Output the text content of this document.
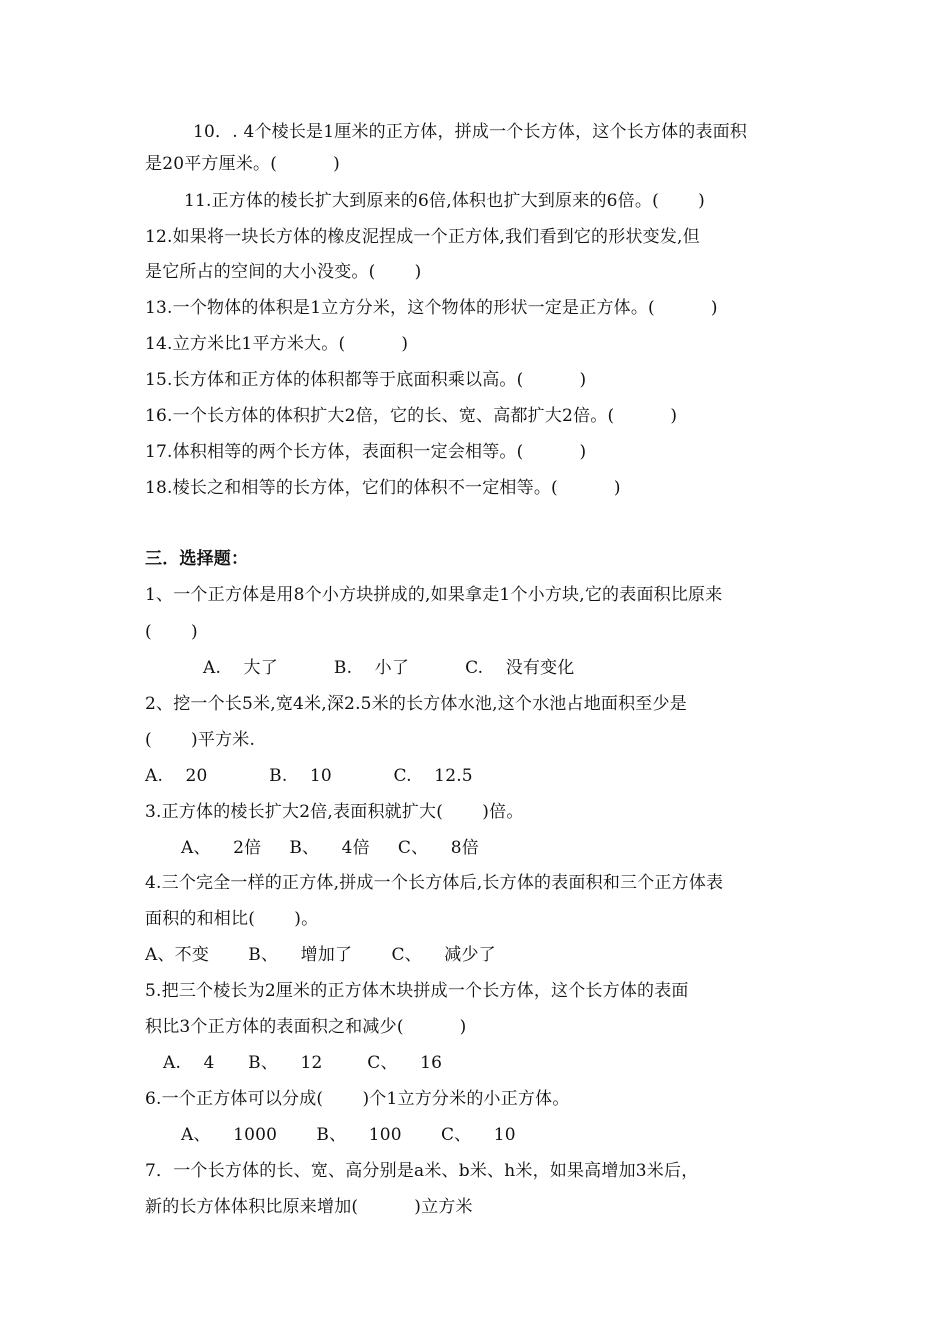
10．. 4个棱长是1厘米的正方体，拼成一个长方体，这个长方体的表面积
是20平方厘米。(          )
11.正方体的棱长扩大到原来的6倍,体积也扩大到原来的6倍。(       )
12.如果将一块长方体的橡皮泥捏成一个正方体,我们看到它的形状变发,但
是它所占的空间的大小没变。(       )
13.一个物体的体积是1立方分米，这个物体的形状一定是正方体。(          )
14.立方米比1平方米大。(          )
15.长方体和正方体的体积都等于底面积乘以高。(          )
16.一个长方体的体积扩大2倍，它的长、宽、高都扩大2倍。(          )
17.体积相等的两个长方体，表面积一定会相等。(          )
18.棱长之和相等的长方体，它们的体积不一定相等。(          )
三．选择题：
1、一个正方体是用8个小方块拼成的,如果拿走1个小方块,它的表面积比原来
(       )
A.    大了          B.    小了          C.    没有变化
2、挖一个长5米,宽4米,深2.5米的长方体水池,这个水池占地面积至少是
(       )平方米.
A.    20           B.    10           C.    12.5
3.正方体的棱长扩大2倍,表面积就扩大(       )倍。
A、    2倍     B、    4倍     C、    8倍
4.三个完全一样的正方体,拼成一个长方体后,长方体的表面积和三个正方体表
面积的和相比(       )。
A、不变       B、    增加了       C、    减少了
5.把三个棱长为2厘米的正方体木块拼成一个长方体，这个长方体的表面
积比3个正方体的表面积之和减少(          )
A.    4      B、    12        C、    16
6.一个正方体可以分成(       )个1立方分米的小正方体。
A、    1000       B、    100       C、    10
7．一个长方体的长、宽、高分别是a米、b米、h米，如果高增加3米后，
新的长方体体积比原来增加(          )立方米
